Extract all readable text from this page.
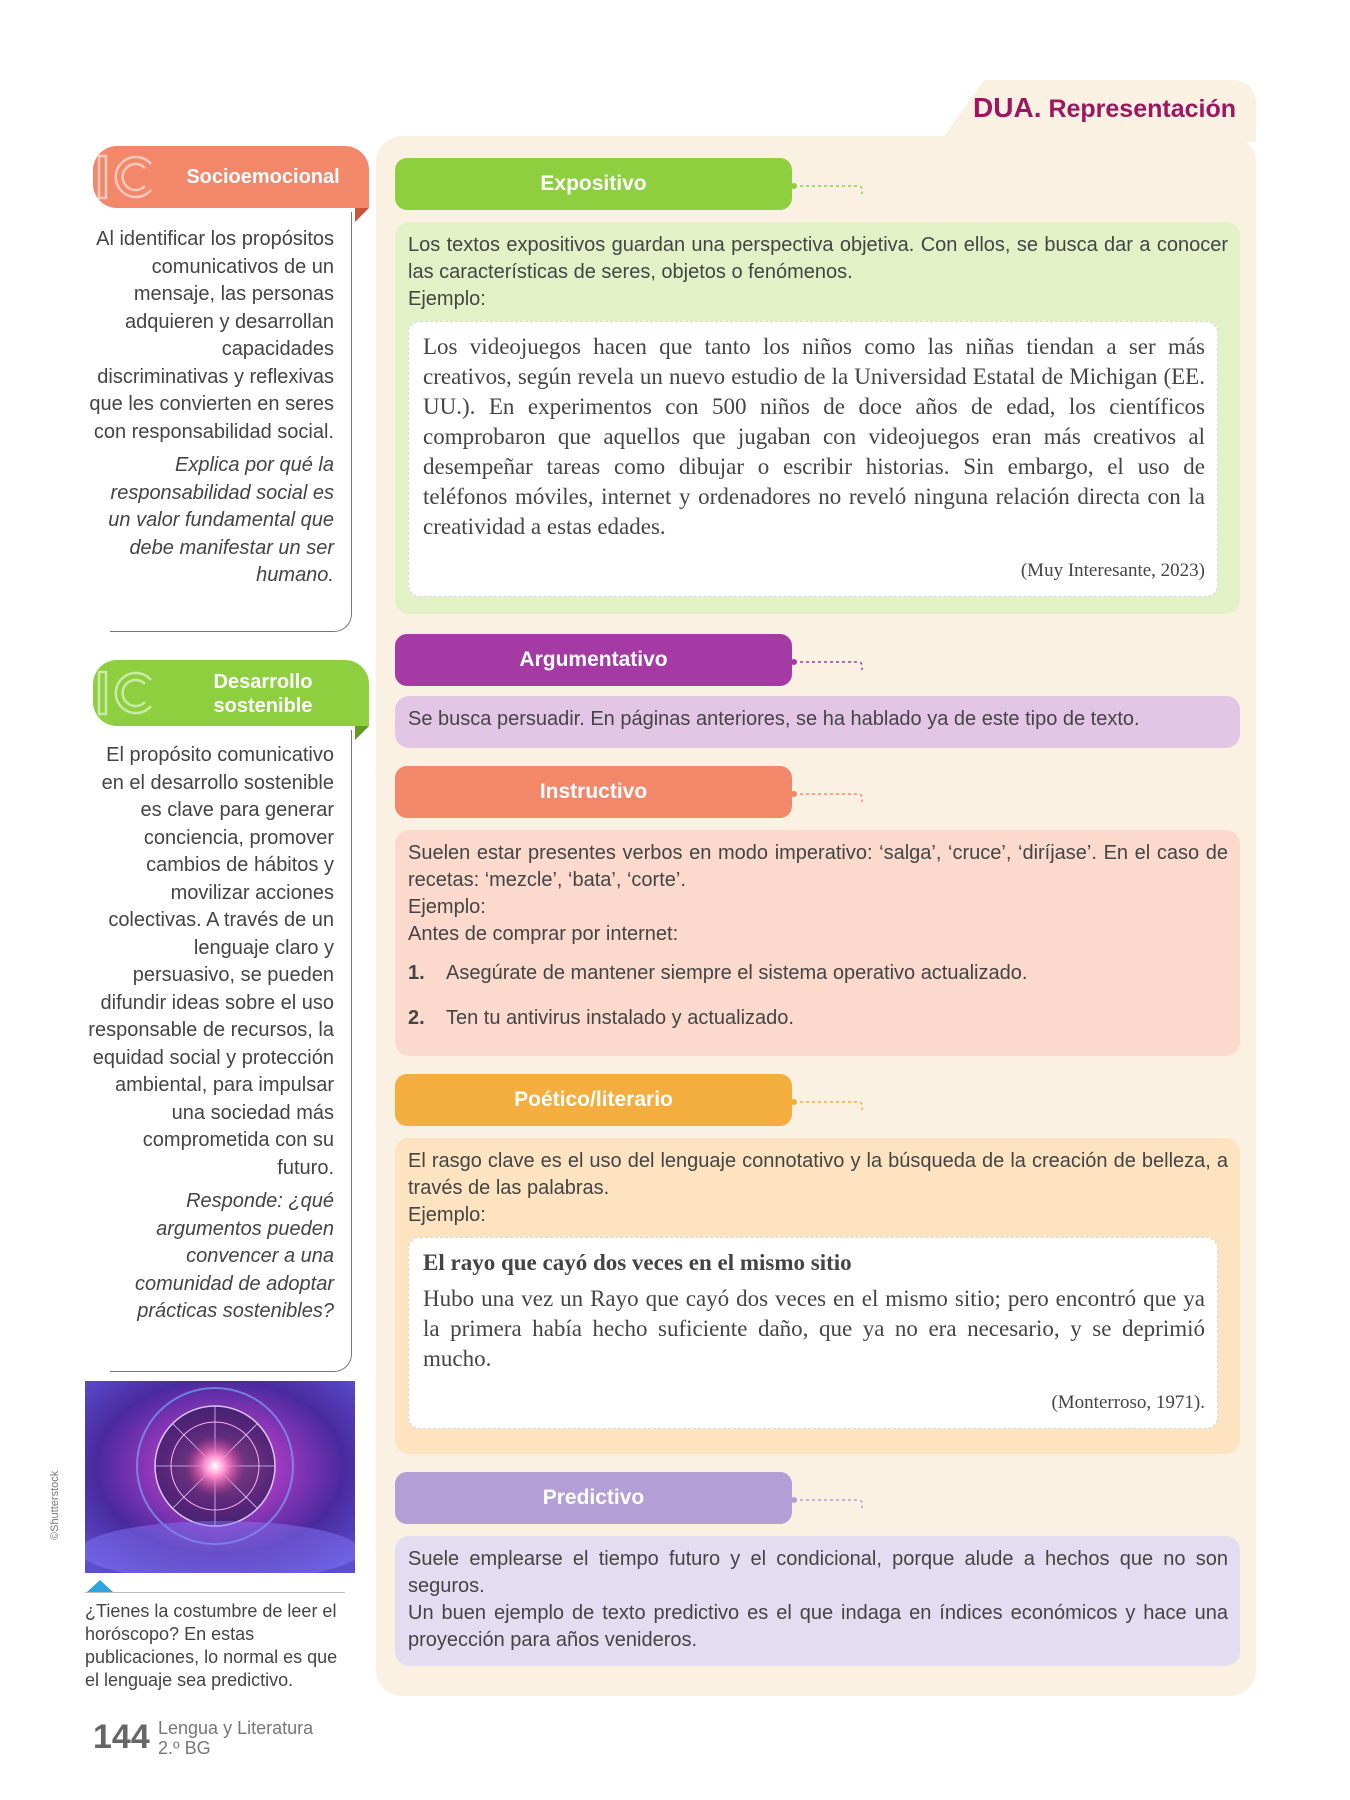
DUA. Representación
Expositivo

Los textos expositivos guardan una perspectiva objetiva. Con ellos, se busca dar a conocer las características de seres, objetos o fenómenos.

Ejemplo:
Los videojuegos hacen que tanto los niños como las niñas tiendan a ser más creativos, según revela un nuevo estudio de la Universidad Estatal de Michigan (EE. UU.). En experimentos con 500 niños de doce años de edad, los científicos comprobaron que aquellos que jugaban con videojuegos eran más creativos al desempeñar tareas como dibujar o escribir historias. Sin embargo, el uso de teléfonos móviles, internet y ordenadores no reveló ninguna relación directa con la creatividad a estas edades.
(Muy Interesante, 2023)
Argumentativo

Se busca persuadir. En páginas anteriores, se ha hablado ya de este tipo de texto.

Instructivo

Suelen estar presentes verbos en modo imperativo: ‘salga’, ‘cruce’, ‘diríjase’. En el caso de recetas: ‘mezcle’, ‘bata’, ‘corte’.

Ejemplo:
Antes de comprar por internet:
1.	Asegúrate de mantener siempre el sistema operativo actualizado.
2.	Ten tu antivirus instalado y actualizado.
Poético/literario

El rasgo clave es el uso del lenguaje connotativo y la búsqueda de la creación de belleza, a través de las palabras.

Ejemplo:
El rayo que cayó dos veces en el mismo sitio
Hubo una vez un Rayo que cayó dos veces en el mismo sitio; pero encontró que ya la primera había hecho suficiente daño, que ya no era necesario, y se deprimió mucho.
(Monterroso, 1971).
Predictivo

Suele emplearse el tiempo futuro y el condicional, porque alude a hechos que no son seguros.

Un buen ejemplo de texto predictivo es el que indaga en índices económicos y hace una proyección para años venideros.

Socioemocional
Al identificar los propósitos comunicativos de un mensaje, las personas adquieren y desarrollan capacidades discriminativas y reflexivas que les convierten en seres con responsabilidad social.
Explica por qué la responsabilidad social es un valor fundamental que debe manifestar un ser humano.
Desarrollo
sostenible
El propósito comunicativo en el desarrollo sostenible es clave para generar conciencia, promover cambios de hábitos y movilizar acciones colectivas. A través de un lenguaje claro y persuasivo, se pueden difundir ideas sobre el uso responsable de recursos, la equidad social y protección ambiental, para impulsar una sociedad más comprometida con su futuro.
Responde: ¿qué argumentos pueden convencer a una comunidad de adoptar prácticas sostenibles?
©Shutterstock
¿Tienes la costumbre de leer el horóscopo? En estas publicaciones, lo normal es que el lenguaje sea predictivo.
144 Lengua y Literatura
2.º BG
